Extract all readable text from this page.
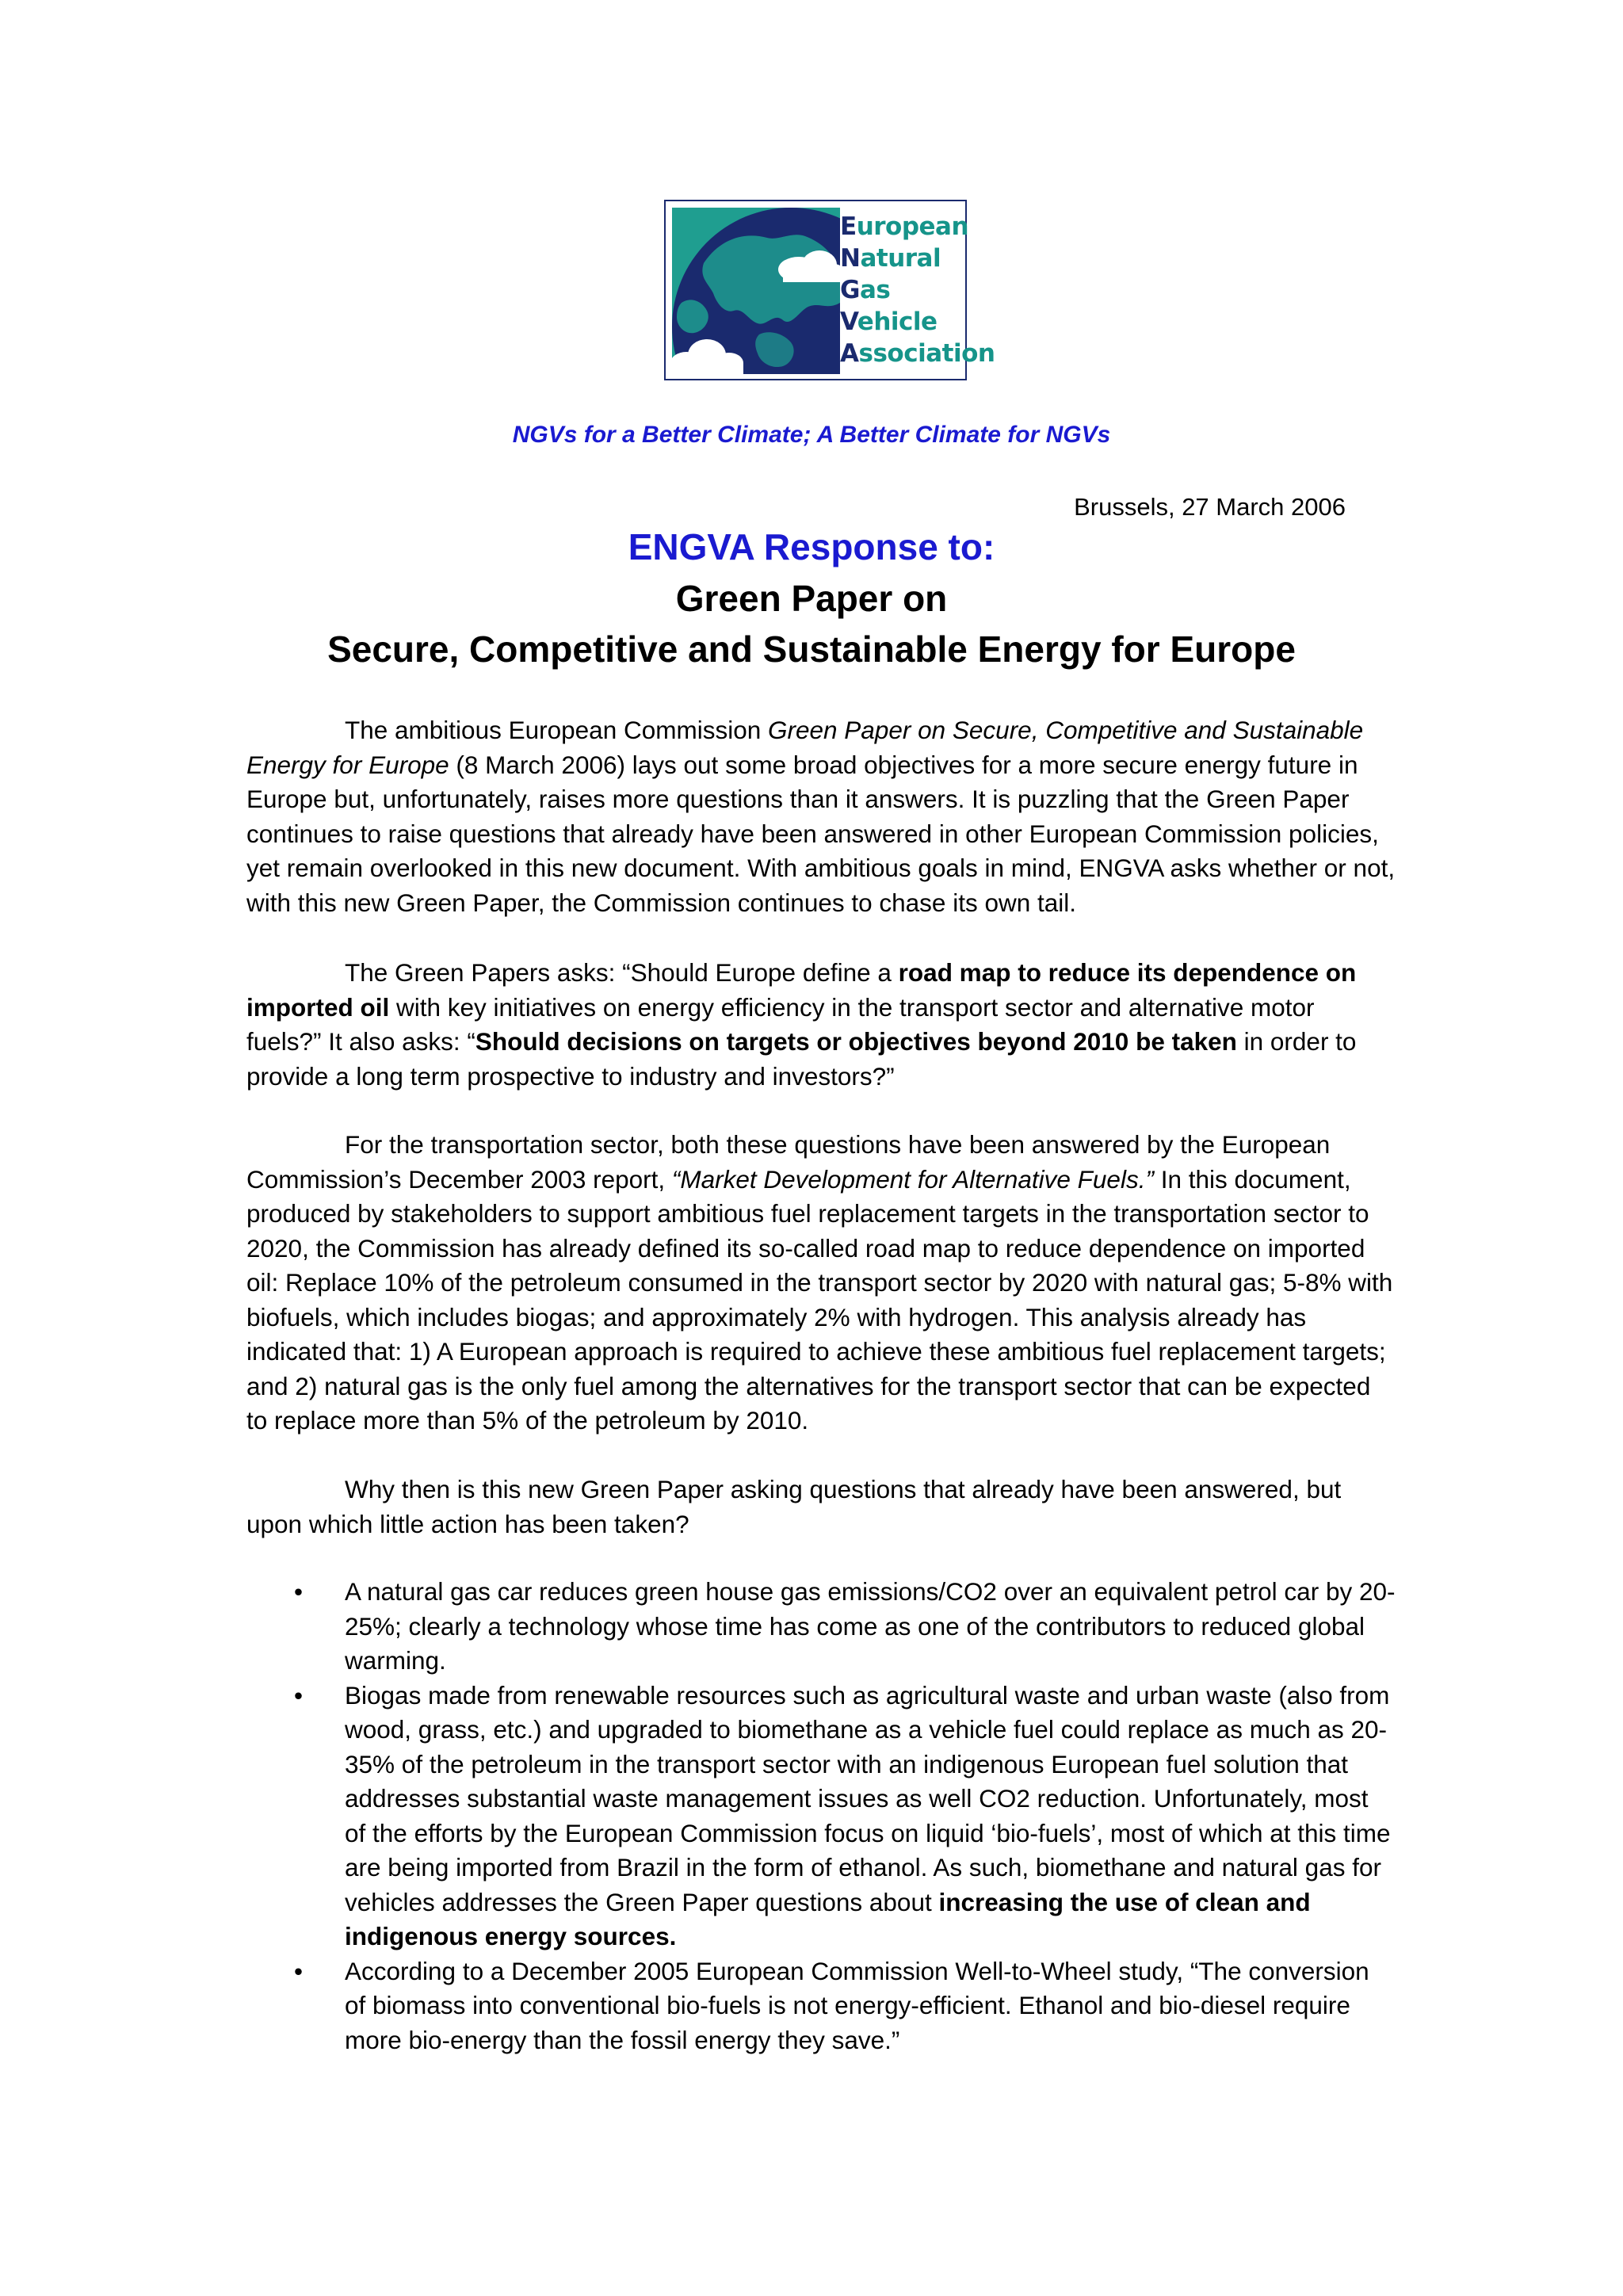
European
Natural
Gas
Vehicle
Association
NGVs for a Better Climate; A Better Climate for NGVs
Brussels, 27 March 2006
ENGVA Response to:
Green Paper on
Secure, Competitive and Sustainable Energy for Europe

The ambitious European Commission Green Paper on Secure, Competitive and Sustainable Energy for Europe (8 March 2006) lays out some broad objectives for a more secure energy future in Europe but, unfortunately, raises more questions than it answers. It is puzzling that the Green Paper continues to raise questions that already have been answered in other European Commission policies, yet remain overlooked in this new document. With ambitious goals in mind, ENGVA asks whether or not, with this new Green Paper, the Commission continues to chase its own tail.

The Green Papers asks: “Should Europe define a road map to reduce its dependence on imported oil with key initiatives on energy efficiency in the transport sector and alternative motor fuels?” It also asks: “Should decisions on targets or objectives beyond 2010 be taken in order to provide a long term prospective to industry and investors?”

For the transportation sector, both these questions have been answered by the European Commission’s December 2003 report, “Market Development for Alternative Fuels.” In this document, produced by stakeholders to support ambitious fuel replacement targets in the transportation sector to 2020, the Commission has already defined its so-called road map to reduce dependence on imported oil: Replace 10% of the petroleum consumed in the transport sector by 2020 with natural gas; 5-8% with biofuels, which includes biogas; and approximately 2% with hydrogen. This analysis already has indicated that: 1) A European approach is required to achieve these ambitious fuel replacement targets; and 2) natural gas is the only fuel among the alternatives for the transport sector that can be expected to replace more than 5% of the petroleum by 2010.

Why then is this new Green Paper asking questions that already have been answered, but upon which little action has been taken?

• A natural gas car reduces green house gas emissions/CO2 over an equivalent petrol car by 20-25%; clearly a technology whose time has come as one of the contributors to reduced global warming.
• Biogas made from renewable resources such as agricultural waste and urban waste (also from wood, grass, etc.) and upgraded to biomethane as a vehicle fuel could replace as much as 20-35% of the petroleum in the transport sector with an indigenous European fuel solution that addresses substantial waste management issues as well CO2 reduction. Unfortunately, most of the efforts by the European Commission focus on liquid ‘bio-fuels’, most of which at this time are being imported from Brazil in the form of ethanol. As such, biomethane and natural gas for vehicles addresses the Green Paper questions about increasing the use of clean and indigenous energy sources.
• According to a December 2005 European Commission Well-to-Wheel study, “The conversion of biomass into conventional bio-fuels is not energy-efficient. Ethanol and bio-diesel require more bio-energy than the fossil energy they save.”
